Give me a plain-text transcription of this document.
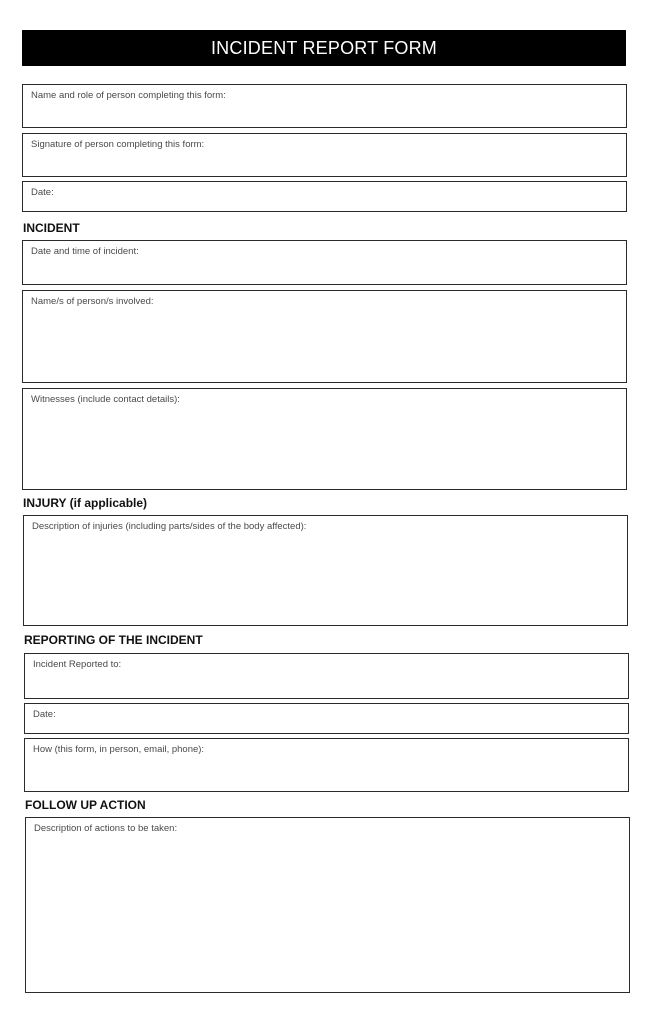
INCIDENT REPORT FORM
Name and role of person completing this form:
Signature of person completing this form:
Date:
INCIDENT
Date and time of incident:
Name/s of person/s involved:
Witnesses (include contact details):
INJURY (if applicable)
Description of injuries (including parts/sides of the body affected):
REPORTING OF THE INCIDENT
Incident Reported to:
Date:
How (this form, in person, email, phone):
FOLLOW UP ACTION
Description of actions to be taken:
